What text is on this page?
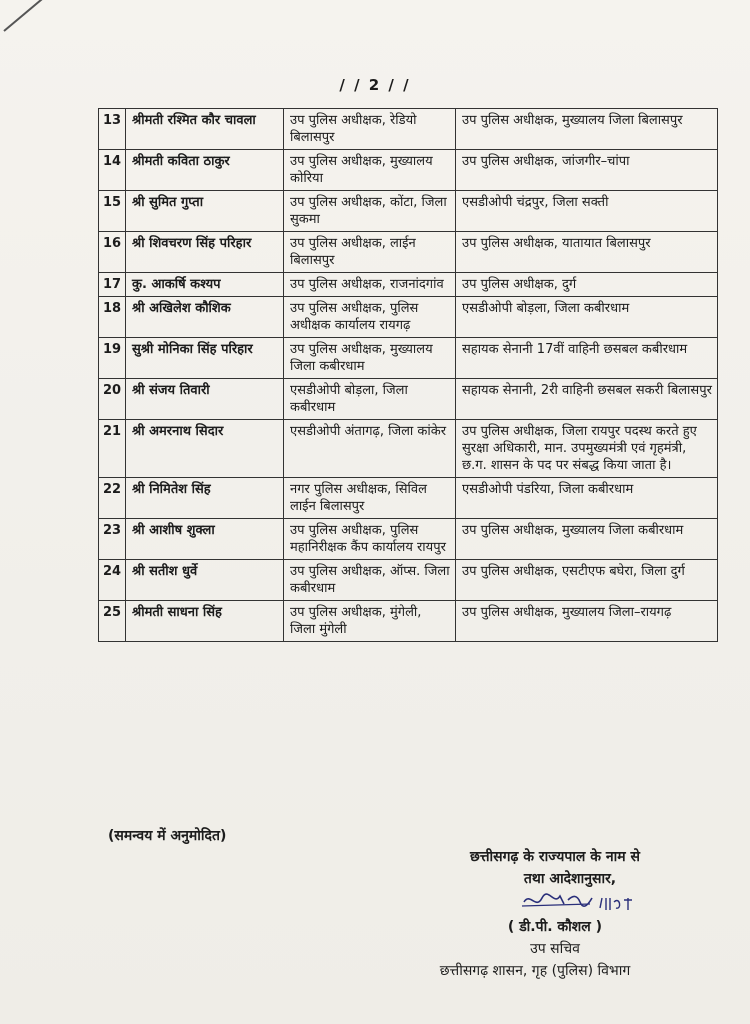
/ / 2 / /
13	श्रीमती रश्मित कौर चावला	उप पुलिस अधीक्षक, रेडियो बिलासपुर	उप पुलिस अधीक्षक, मुख्यालय जिला बिलासपुर
14	श्रीमती कविता ठाकुर	उप पुलिस अधीक्षक, मुख्यालय कोरिया	उप पुलिस अधीक्षक, जांजगीर–चांपा
15	श्री सुमित गुप्ता	उप पुलिस अधीक्षक, कोंटा, जिला सुकमा	एसडीओपी चंद्रपुर, जिला सक्ती
16	श्री शिवचरण सिंह परिहार	उप पुलिस अधीक्षक, लाईन बिलासपुर	उप पुलिस अधीक्षक, यातायात बिलासपुर
17	कु. आकर्षि कश्यप	उप पुलिस अधीक्षक, राजनांदगांव	उप पुलिस अधीक्षक, दुर्ग
18	श्री अखिलेश कौशिक	उप पुलिस अधीक्षक, पुलिस अधीक्षक कार्यालय रायगढ़	एसडीओपी बोड़ला, जिला कबीरधाम
19	सुश्री मोनिका सिंह परिहार	उप पुलिस अधीक्षक, मुख्यालय जिला कबीरधाम	सहायक सेनानी 17वीं वाहिनी छसबल कबीरधाम
20	श्री संजय तिवारी	एसडीओपी बोड़ला, जिला कबीरधाम	सहायक सेनानी, 2री वाहिनी छसबल सकरी बिलासपुर
21	श्री अमरनाथ सिदार	एसडीओपी अंतागढ़, जिला कांकेर	उप पुलिस अधीक्षक, जिला रायपुर पदस्थ करते हुए सुरक्षा अधिकारी, मान. उपमुख्यमंत्री एवं गृहमंत्री, छ.ग. शासन के पद पर संबद्ध किया जाता है।
22	श्री निमितेश सिंह	नगर पुलिस अधीक्षक, सिविल लाईन बिलासपुर	एसडीओपी पंडरिया, जिला कबीरधाम
23	श्री आशीष शुक्ला	उप पुलिस अधीक्षक, पुलिस महानिरीक्षक कैंप कार्यालय रायपुर	उप पुलिस अधीक्षक, मुख्यालय जिला कबीरधाम
24	श्री सतीश धुर्वे	उप पुलिस अधीक्षक, ऑप्स. जिला कबीरधाम	उप पुलिस अधीक्षक, एसटीएफ बघेरा, जिला दुर्ग
25	श्रीमती साधना सिंह	उप पुलिस अधीक्षक, मुंगेली, जिला मुंगेली	उप पुलिस अधीक्षक, मुख्यालय जिला–रायगढ़
(समन्वय में अनुमोदित)
छत्तीसगढ़ के राज्यपाल के नाम से
तथा आदेशानुसार,
( डी.पी. कौशल )
उप सचिव
छत्तीसगढ़ शासन, गृह (पुलिस) विभाग
